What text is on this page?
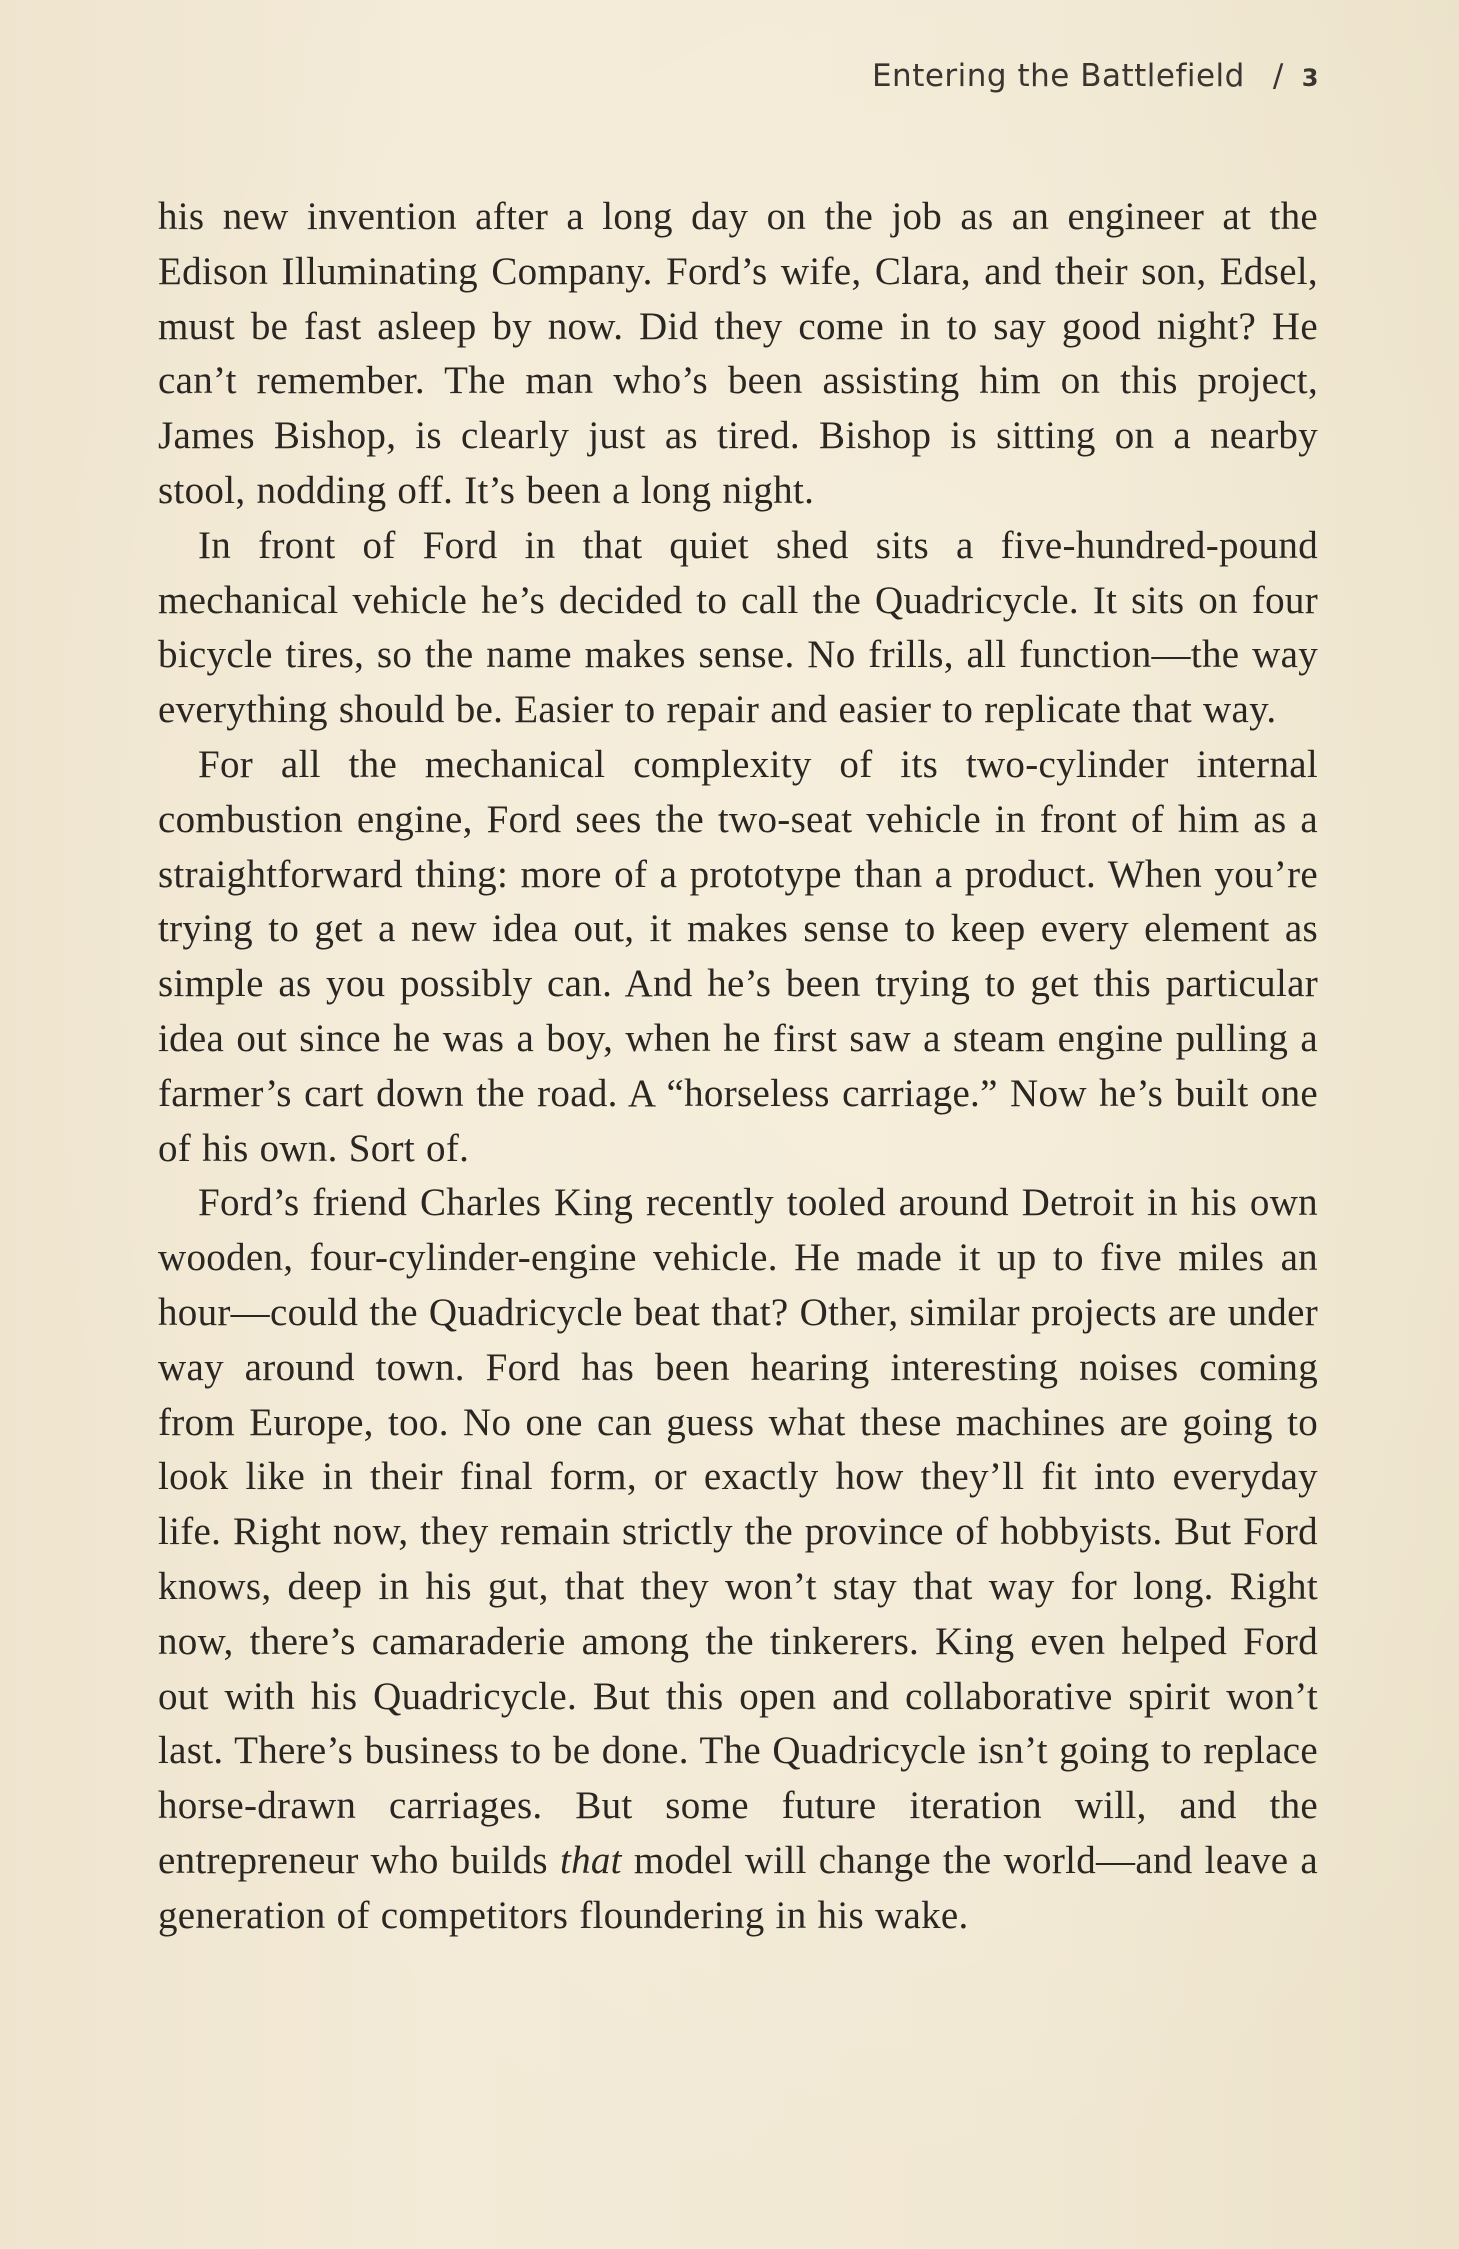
Entering the Battlefield / 3

his new invention after a long day on the job as an engineer at the Edison Illuminating Company. Ford’s wife, Clara, and their son, Edsel, must be fast asleep by now. Did they come in to say good night? He can’t remember. The man who’s been assisting him on this project, James Bishop, is clearly just as tired. Bishop is sitting on a nearby stool, nodding off. It’s been a long night.

In front of Ford in that quiet shed sits a five-hundred-pound mechanical vehicle he’s decided to call the Quadricycle. It sits on four bicycle tires, so the name makes sense. No frills, all function—the way everything should be. Easier to repair and easier to replicate that way.

For all the mechanical complexity of its two-cylinder internal combustion engine, Ford sees the two-seat vehicle in front of him as a straightforward thing: more of a prototype than a product. When you’re trying to get a new idea out, it makes sense to keep every element as simple as you possibly can. And he’s been trying to get this particular idea out since he was a boy, when he first saw a steam engine pulling a farmer’s cart down the road. A “horseless carriage.” Now he’s built one of his own. Sort of.

Ford’s friend Charles King recently tooled around Detroit in his own wooden, four-cylinder-engine vehicle. He made it up to five miles an hour—could the Quadricycle beat that? Other, similar projects are under way around town. Ford has been hearing interesting noises coming from Europe, too. No one can guess what these machines are going to look like in their final form, or exactly how they’ll fit into everyday life. Right now, they remain strictly the province of hobbyists. But Ford knows, deep in his gut, that they won’t stay that way for long. Right now, there’s camaraderie among the tinkerers. King even helped Ford out with his Quadricycle. But this open and collaborative spirit won’t last. There’s business to be done. The Quadricycle isn’t going to replace horse-drawn carriages. But some future iteration will, and the entrepreneur who builds that model will change the world—and leave a generation of competitors floundering in his wake.
